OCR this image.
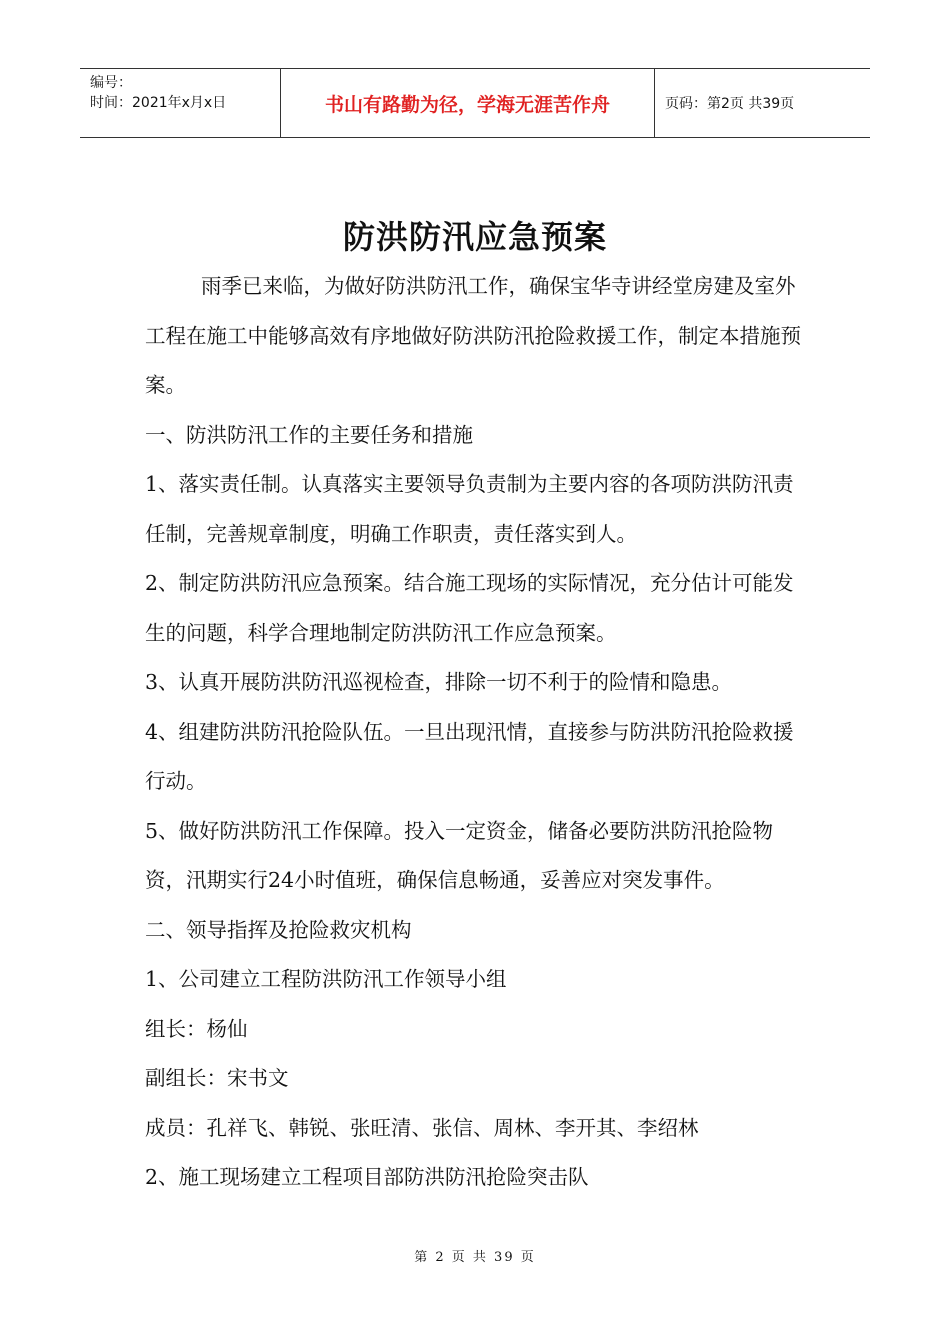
编号：
时间：2021年x月x日	书山有路勤为径，学海无涯苦作舟	页码：第2页 共39页
防洪防汛应急预案

雨季已来临，为做好防洪防汛工作，确保宝华寺讲经堂房建及室外工程在施工中能够高效有序地做好防洪防汛抢险救援工作，制定本措施预案。

一、防洪防汛工作的主要任务和措施

1、落实责任制。认真落实主要领导负责制为主要内容的各项防洪防汛责任制，完善规章制度，明确工作职责，责任落实到人。

2、制定防洪防汛应急预案。结合施工现场的实际情况，充分估计可能发生的问题，科学合理地制定防洪防汛工作应急预案。

3、认真开展防洪防汛巡视检查，排除一切不利于的险情和隐患。

4、组建防洪防汛抢险队伍。一旦出现汛情，直接参与防洪防汛抢险救援行动。

5、做好防洪防汛工作保障。投入一定资金，储备必要防洪防汛抢险物资，汛期实行24小时值班，确保信息畅通，妥善应对突发事件。

二、领导指挥及抢险救灾机构

1、公司建立工程防洪防汛工作领导小组

组长：杨仙

副组长：宋书文

成员：孔祥飞、韩锐、张旺清、张信、周林、李开其、李绍林

2、施工现场建立工程项目部防洪防汛抢险突击队

第 2 页 共 39 页
